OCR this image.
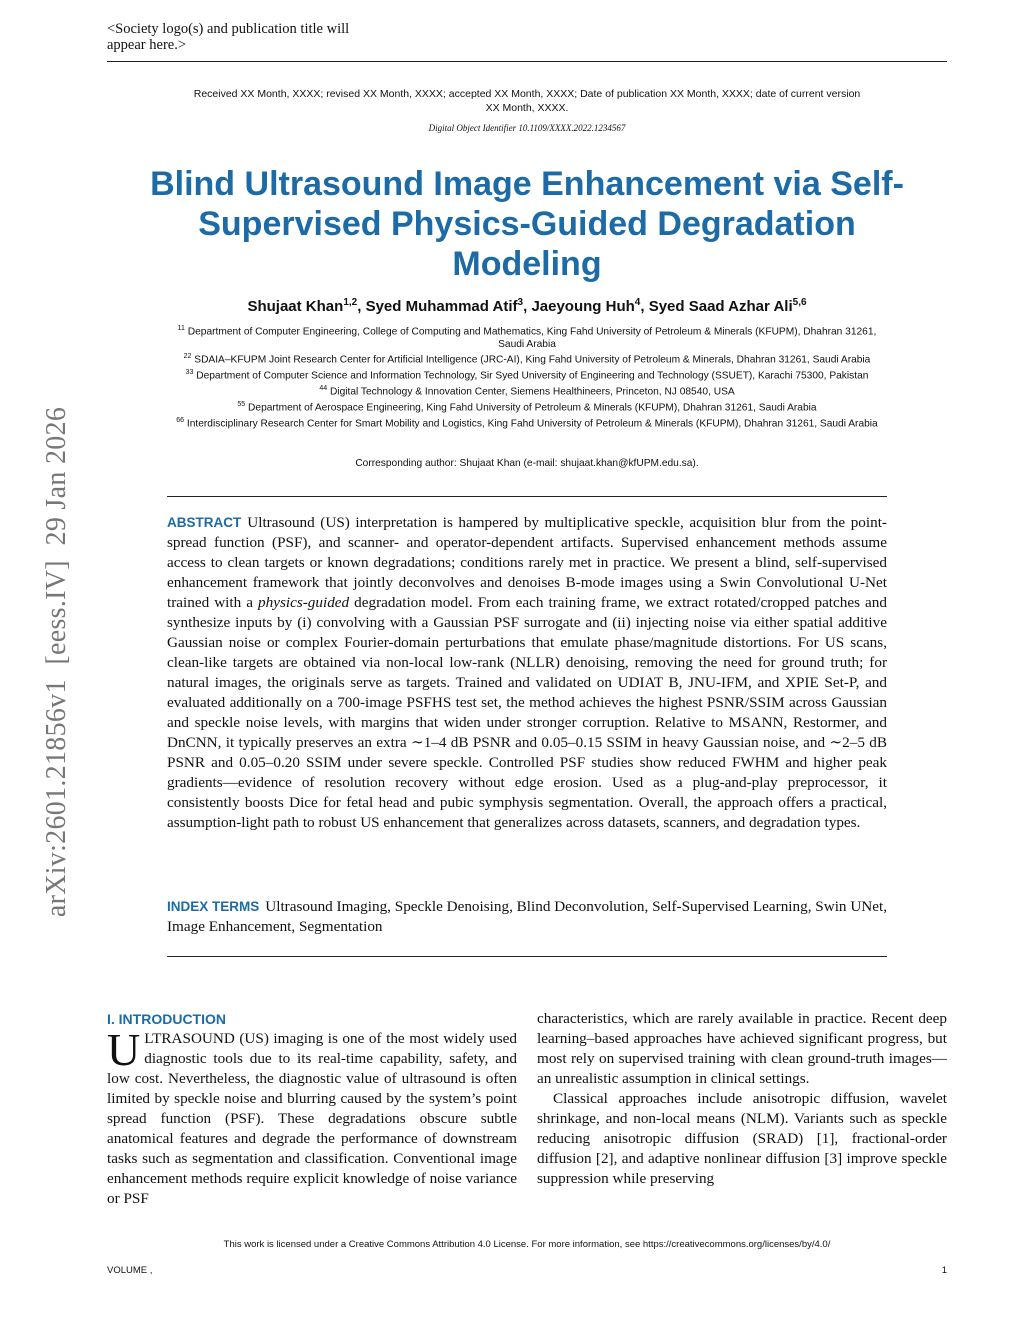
<Society logo(s) and publication title will appear here.>
Received XX Month, XXXX; revised XX Month, XXXX; accepted XX Month, XXXX; Date of publication XX Month, XXXX; date of current version XX Month, XXXX.
Digital Object Identifier 10.1109/XXXX.2022.1234567
Blind Ultrasound Image Enhancement via Self-Supervised Physics-Guided Degradation Modeling
Shujaat Khan$^{1,2}$, Syed Muhammad Atif$^3$, Jaeyoung Huh$^4$, Syed Saad Azhar Ali$^{5,6}$

$^{11}$ Department of Computer Engineering, College of Computing and Mathematics, King Fahd University of Petroleum & Minerals (KFUPM), Dhahran 31261, Saudi Arabia

$^{22}$ SDAIA–KFUPM Joint Research Center for Artificial Intelligence (JRC-AI), King Fahd University of Petroleum & Minerals, Dhahran 31261, Saudi Arabia

$^{33}$ Department of Computer Science and Information Technology, Sir Syed University of Engineering and Technology (SSUET), Karachi 75300, Pakistan

$^{44}$ Digital Technology & Innovation Center, Siemens Healthineers, Princeton, NJ 08540, USA

$^{55}$ Department of Aerospace Engineering, King Fahd University of Petroleum & Minerals (KFUPM), Dhahran 31261, Saudi Arabia

$^{66}$ Interdisciplinary Research Center for Smart Mobility and Logistics, King Fahd University of Petroleum & Minerals (KFUPM), Dhahran 31261, Saudi Arabia

Corresponding author: Shujaat Khan (e-mail: shujaat.khan@kfUPM.edu.sa).
ABSTRACT Ultrasound (US) interpretation is hampered by multiplicative speckle, acquisition blur from the point-spread function (PSF), and scanner- and operator-dependent artifacts. Supervised enhancement methods assume access to clean targets or known degradations; conditions rarely met in practice. We present a blind, self-supervised enhancement framework that jointly deconvolves and denoises B-mode images using a Swin Convolutional U-Net trained with a physics-guided degradation model. From each training frame, we extract rotated/cropped patches and synthesize inputs by (i) convolving with a Gaussian PSF surrogate and (ii) injecting noise via either spatial additive Gaussian noise or complex Fourier-domain perturbations that emulate phase/magnitude distortions. For US scans, clean-like targets are obtained via non-local low-rank (NLLR) denoising, removing the need for ground truth; for natural images, the originals serve as targets. Trained and validated on UDIAT B, JNU-IFM, and XPIE Set-P, and evaluated additionally on a 700-image PSFHS test set, the method achieves the highest PSNR/SSIM across Gaussian and speckle noise levels, with margins that widen under stronger corruption. Relative to MSANN, Restormer, and DnCNN, it typically preserves an extra ∼1–4 dB PSNR and 0.05–0.15 SSIM in heavy Gaussian noise, and ∼2–5 dB PSNR and 0.05–0.20 SSIM under severe speckle. Controlled PSF studies show reduced FWHM and higher peak gradients—evidence of resolution recovery without edge erosion. Used as a plug-and-play preprocessor, it consistently boosts Dice for fetal head and pubic symphysis segmentation. Overall, the approach offers a practical, assumption-light path to robust US enhancement that generalizes across datasets, scanners, and degradation types.
INDEX TERMS Ultrasound Imaging, Speckle Denoising, Blind Deconvolution, Self-Supervised Learning, Swin UNet, Image Enhancement, Segmentation
arXiv:2601.21856v1  [eess.IV]  29 Jan 2026
I. INTRODUCTION

ULTRASOUND (US) imaging is one of the most widely used diagnostic tools due to its real-time capability, safety, and low cost. Nevertheless, the diagnostic value of ultrasound is often limited by speckle noise and blurring caused by the system’s point spread function (PSF). These degradations obscure subtle anatomical features and degrade the performance of downstream tasks such as segmentation and classification. Conventional image enhancement methods require explicit knowledge of noise variance or PSF

characteristics, which are rarely available in practice. Recent deep learning–based approaches have achieved significant progress, but most rely on supervised training with clean ground-truth images—an unrealistic assumption in clinical settings.

Classical approaches include anisotropic diffusion, wavelet shrinkage, and non-local means (NLM). Variants such as speckle reducing anisotropic diffusion (SRAD) [1], fractional-order diffusion [2], and adaptive nonlinear diffusion [3] improve speckle suppression while preserving

This work is licensed under a Creative Commons Attribution 4.0 License. For more information, see https://creativecommons.org/licenses/by/4.0/
VOLUME ,	1
